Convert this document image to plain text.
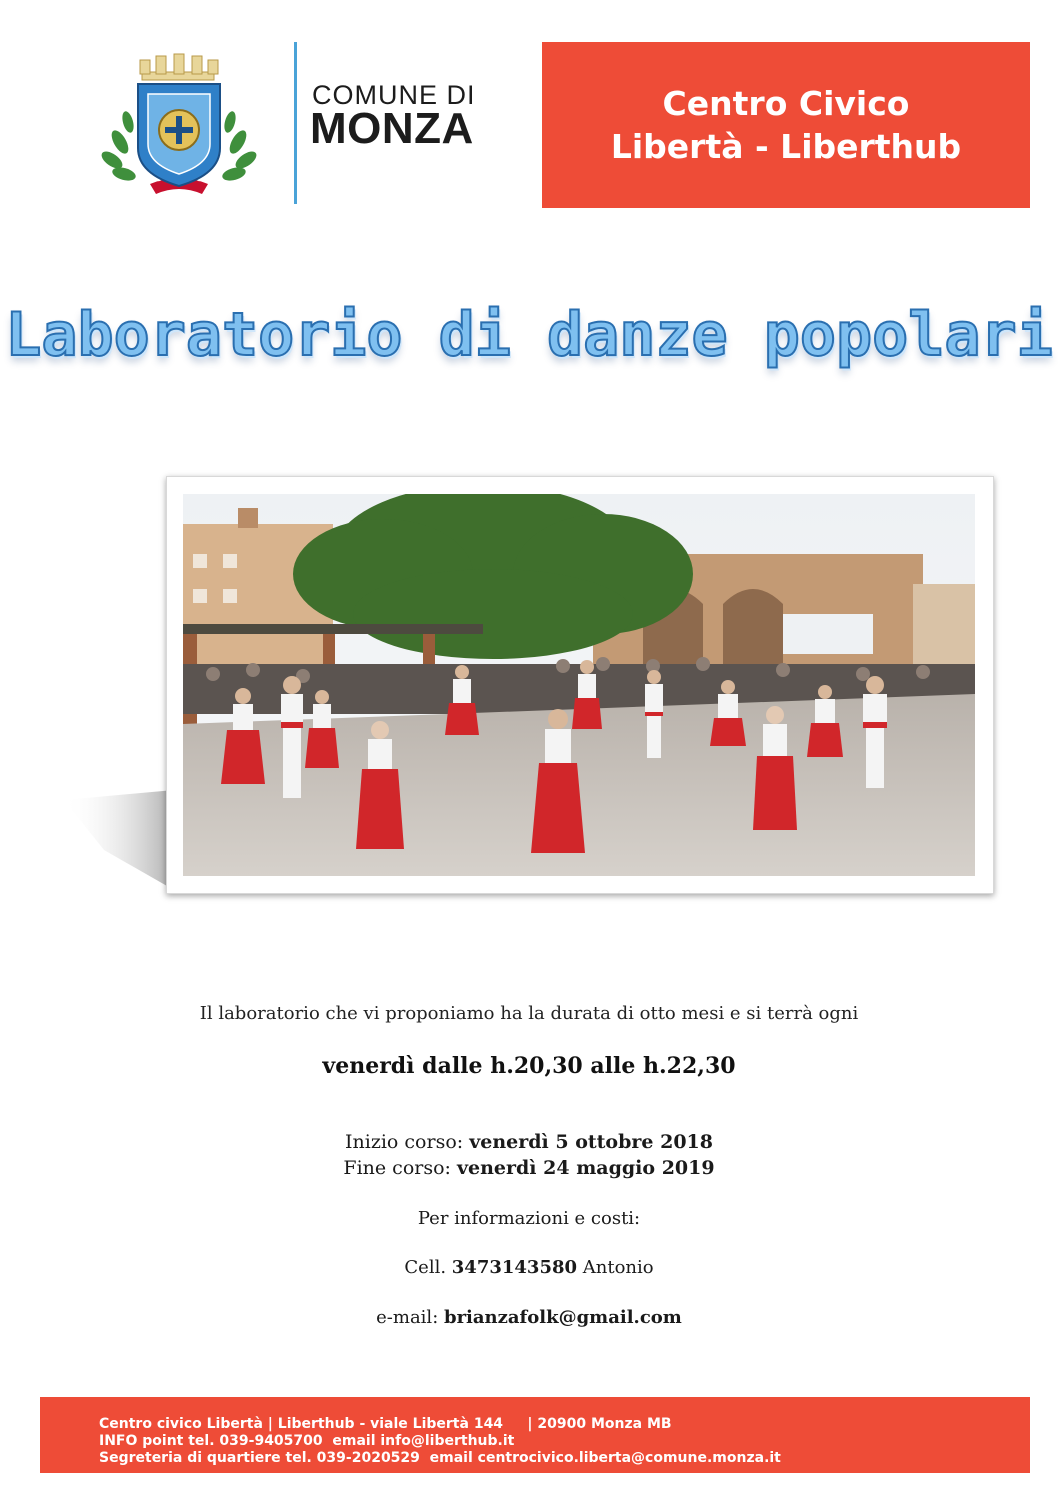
COMUNE DI
MONZA
Centro Civico
Libertà - Liberthub
Laboratorio di danze popolari
Il laboratorio che vi proponiamo ha la durata di otto mesi e si terrà ogni
venerdì dalle h.20,30 alle h.22,30
Inizio corso: venerdì 5 ottobre 2018
Fine corso: venerdì 24 maggio 2019
Per informazioni e costi:
Cell. 3473143580 Antonio
e-mail: brianzafolk@gmail.com
Centro civico Libertà | Liberthub - viale Libertà 144     | 20900 Monza MB
INFO point tel. 039-9405700  email info@liberthub.it
Segreteria di quartiere tel. 039-2020529  email centrocivico.liberta@comune.monza.it
